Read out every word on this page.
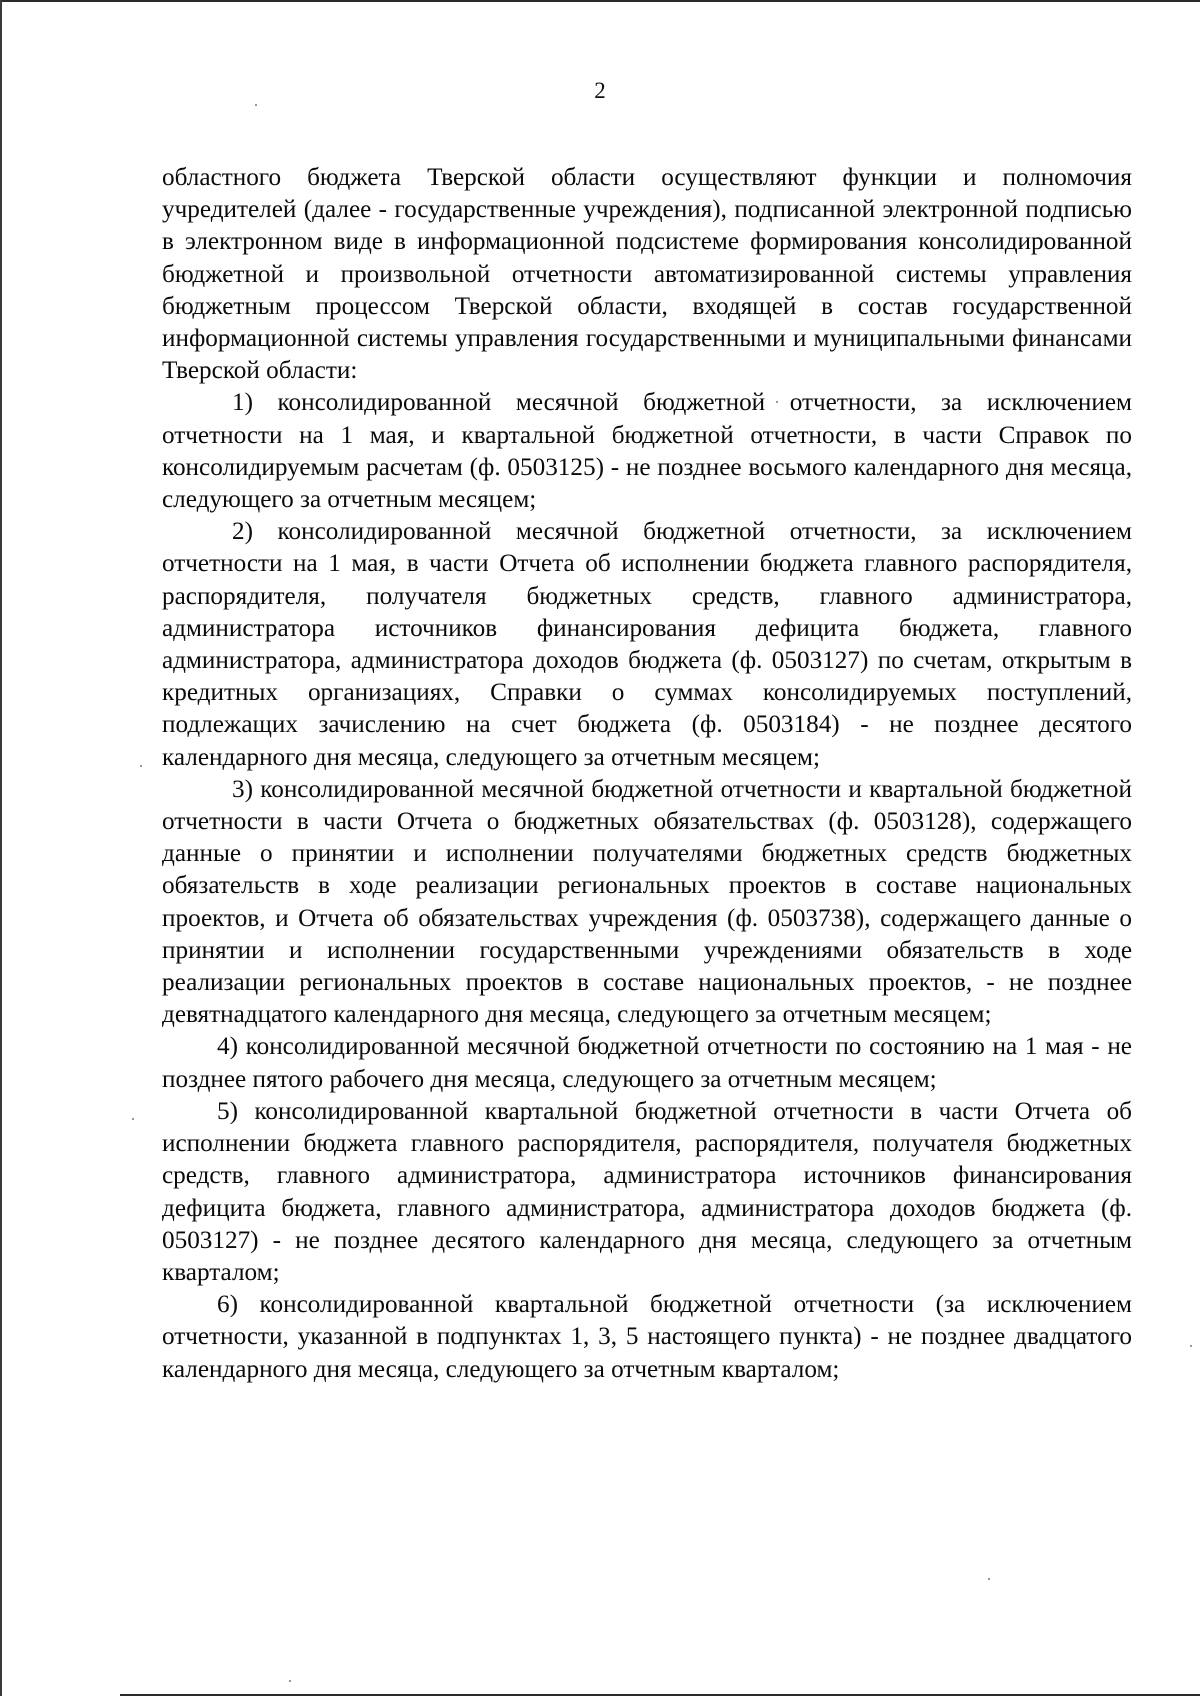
2

областного бюджета Тверской области осуществляют функции и полномочия учредителей (далее - государственные учреждения), подписанной электронной подписью в электронном виде в информационной подсистеме формирования консолидированной бюджетной и произвольной отчетности автоматизированной системы управления бюджетным процессом Тверской области, входящей в состав государственной информационной системы управления государственными и муниципальными финансами Тверской области:

1) консолидированной месячной бюджетной отчетности, за исключением отчетности на 1 мая, и квартальной бюджетной отчетности, в части Справок по консолидируемым расчетам (ф. 0503125) - не позднее восьмого календарного дня месяца, следующего за отчетным месяцем;

2) консолидированной месячной бюджетной отчетности, за исключением отчетности на 1 мая, в части Отчета об исполнении бюджета главного распорядителя, распорядителя, получателя бюджетных средств, главного администратора, администратора источников финансирования дефицита бюджета, главного администратора, администратора доходов бюджета (ф. 0503127) по счетам, открытым в кредитных организациях, Справки о суммах консолидируемых поступлений, подлежащих зачислению на счет бюджета (ф. 0503184) - не позднее десятого календарного дня месяца, следующего за отчетным месяцем;

3) консолидированной месячной бюджетной отчетности и квартальной бюджетной отчетности в части Отчета о бюджетных обязательствах (ф. 0503128), содержащего данные о принятии и исполнении получателями бюджетных средств бюджетных обязательств в ходе реализации региональных проектов в составе национальных проектов, и Отчета об обязательствах учреждения (ф. 0503738), содержащего данные о принятии и исполнении государственными учреждениями обязательств в ходе реализации региональных проектов в составе национальных проектов, - не позднее девятнадцатого календарного дня месяца, следующего за отчетным месяцем;

4) консолидированной месячной бюджетной отчетности по состоянию на 1 мая - не позднее пятого рабочего дня месяца, следующего за отчетным месяцем;

5) консолидированной квартальной бюджетной отчетности в части Отчета об исполнении бюджета главного распорядителя, распорядителя, получателя бюджетных средств, главного администратора, администратора источников финансирования дефицита бюджета, главного администратора, администратора доходов бюджета (ф. 0503127) - не позднее десятого календарного дня месяца, следующего за отчетным кварталом;

6) консолидированной квартальной бюджетной отчетности (за исключением отчетности, указанной в подпунктах 1, 3, 5 настоящего пункта) - не позднее двадцатого календарного дня месяца, следующего за отчетным кварталом;
